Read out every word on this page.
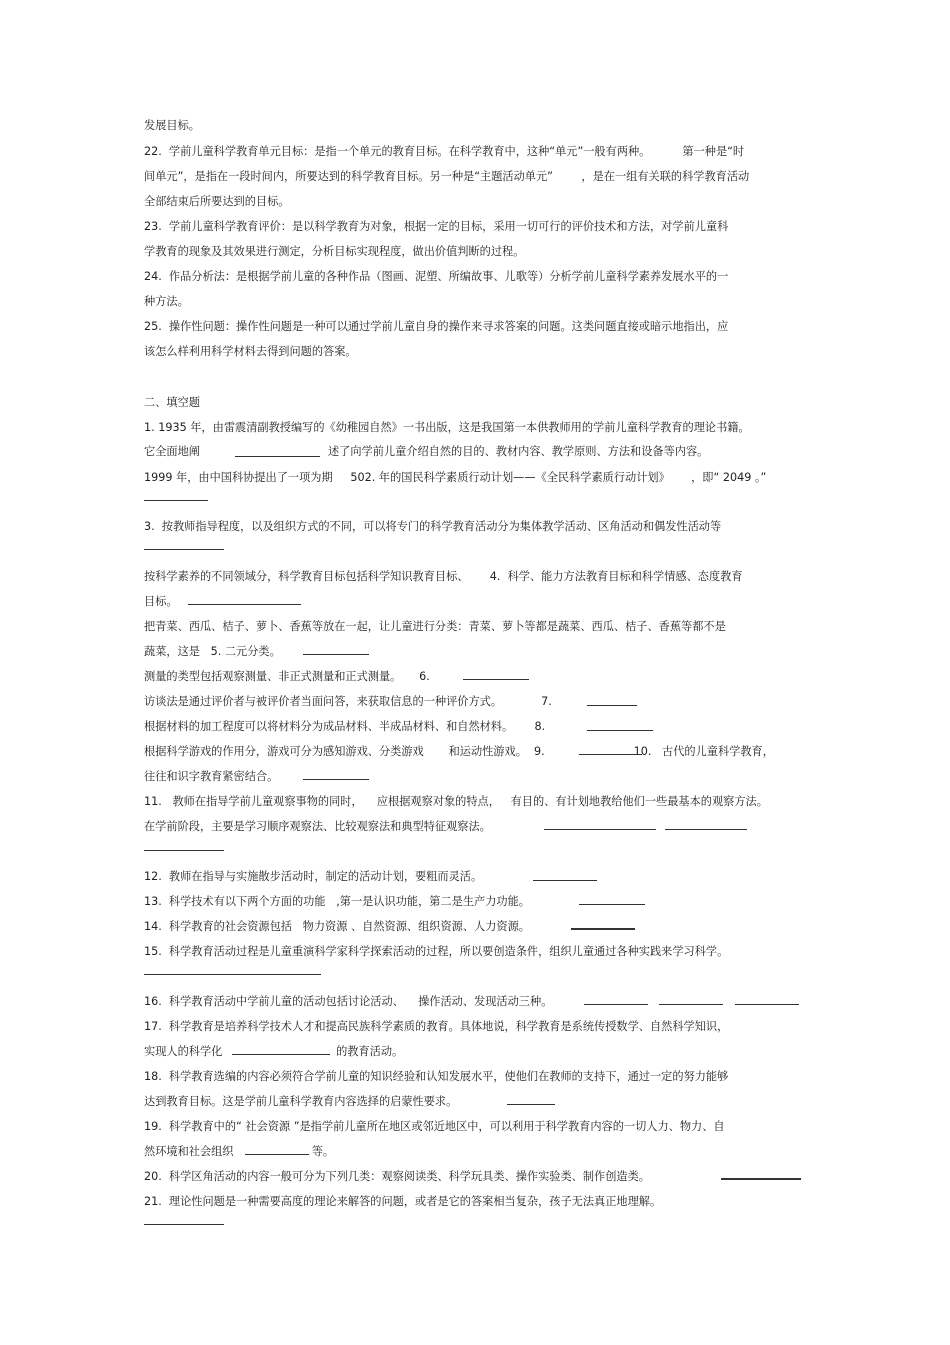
发展目标。
22.  学前儿童科学教育单元目标：是指一个单元的教育目标。在科学教育中，这种“单元”一般有两种。         第一种是“时
间单元”，是指在一段时间内，所要达到的科学教育目标。另一种是“主题活动单元”        ，是在一组有关联的科学教育活动
全部结束后所要达到的目标。
23.  学前儿童科学教育评价：是以科学教育为对象，根据一定的目标，采用一切可行的评价技术和方法，对学前儿童科
学教育的现象及其效果进行测定，分析目标实现程度，做出价值判断的过程。
24.  作品分析法：是根据学前儿童的各种作品（图画、泥塑、所编故事、儿歌等）分析学前儿童科学素养发展水平的一
种方法。
25.  操作性问题：操作性问题是一种可以通过学前儿童自身的操作来寻求答案的问题。这类问题直接或暗示地指出，应
该怎么样利用科学材料去得到问题的答案。
二、填空题
1. 1935 年，由雷震清副教授编写的《幼稚园自然》一书出版，这是我国第一本供教师用的学前儿童科学教育的理论书籍。
它全面地阐                                    述了向学前儿童介绍自然的目的、教材内容、教学原则、方法和设备等内容。
1999 年，由中国科协提出了一项为期     502. 年的国民科学素质行动计划——《全民科学素质行动计划》      ，即“ 2049 。”
3.  按教师指导程度，以及组织方式的不同，可以将专门的科学教育活动分为集体教学活动、区角活动和偶发性活动等
按科学素养的不同领域分，科学教育目标包括科学知识教育目标、      4.  科学、能力方法教育目标和科学情感、态度教育
目标。
把青菜、西瓜、桔子、萝卜、香蕉等放在一起，让儿童进行分类：青菜、萝卜等都是蔬菜、西瓜、桔子、香蕉等都不是
蔬菜，这是   5. 二元分类。
测量的类型包括观察测量、非正式测量和正式测量。     6.
访谈法是通过评价者与被评价者当面问答，来获取信息的一种评价方式。           7.
根据材料的加工程度可以将材料分为成品材料、半成品材料、和自然材料。      8.
根据科学游戏的作用分，游戏可分为感知游戏、分类游戏       和运动性游戏。  9.                         10.   古代的儿童科学教育，
往往和识字教育紧密结合。
11.   教师在指导学前儿童观察事物的同时，    应根据观察对象的特点，   有目的、有计划地教给他们一些最基本的观察方法。
在学前阶段，主要是学习顺序观察法、比较观察法和典型特征观察法。
12.  教师在指导与实施散步活动时，制定的活动计划，要粗而灵活。
13.  科学技术有以下两个方面的功能   ,第一是认识功能，第二是生产力功能。
14.  科学教育的社会资源包括   物力资源 、自然资源、组织资源、人力资源。
15.  科学教育活动过程是儿童重演科学家科学探索活动的过程，所以要创造条件，组织儿童通过各种实践来学习科学。
16.  科学教育活动中学前儿童的活动包括讨论活动、    操作活动、发现活动三种。
17.  科学教育是培养科学技术人才和提高民族科学素质的教育。具体地说，科学教育是系统传授数学、自然科学知识，
实现人的科学化                                的教育活动。
18.  科学教育选编的内容必须符合学前儿童的知识经验和认知发展水平，使他们在教师的支持下，通过一定的努力能够
达到教育目标。这是学前儿童科学教育内容选择的启蒙性要求。
19.  科学教育中的“ 社会资源 ”是指学前儿童所在地区或邻近地区中，可以利用于科学教育内容的一切人力、物力、自
然环境和社会组织                      等。
20.  科学区角活动的内容一般可分为下列几类：观察阅读类、科学玩具类、操作实验类、制作创造类。
21.  理论性问题是一种需要高度的理论来解答的问题，或者是它的答案相当复杂，孩子无法真正地理解。
